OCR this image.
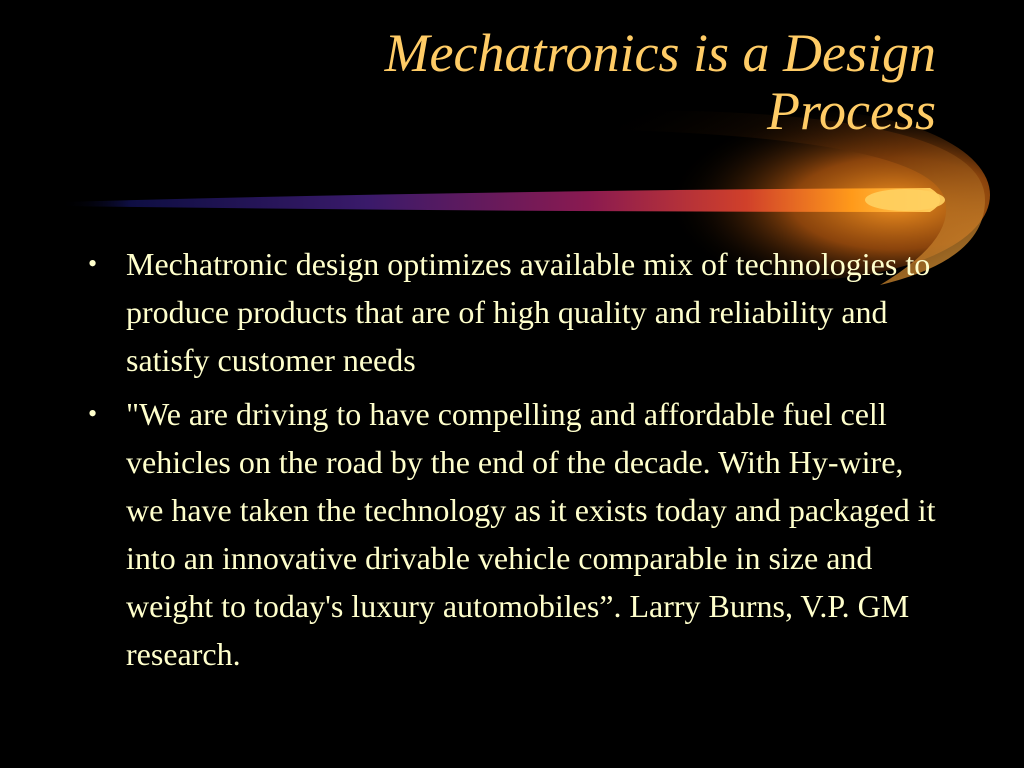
Mechatronics is a Design
Process
• Mechatronic design optimizes available mix of technologies to produce products that are of high quality and reliability and satisfy customer needs
• "We are driving to have compelling and affordable fuel cell vehicles on the road by the end of the decade. With Hy-wire, we have taken the technology as it exists today and packaged it into an innovative drivable vehicle comparable in size and weight to today's luxury automobiles”. Larry Burns, V.P. GM research.
